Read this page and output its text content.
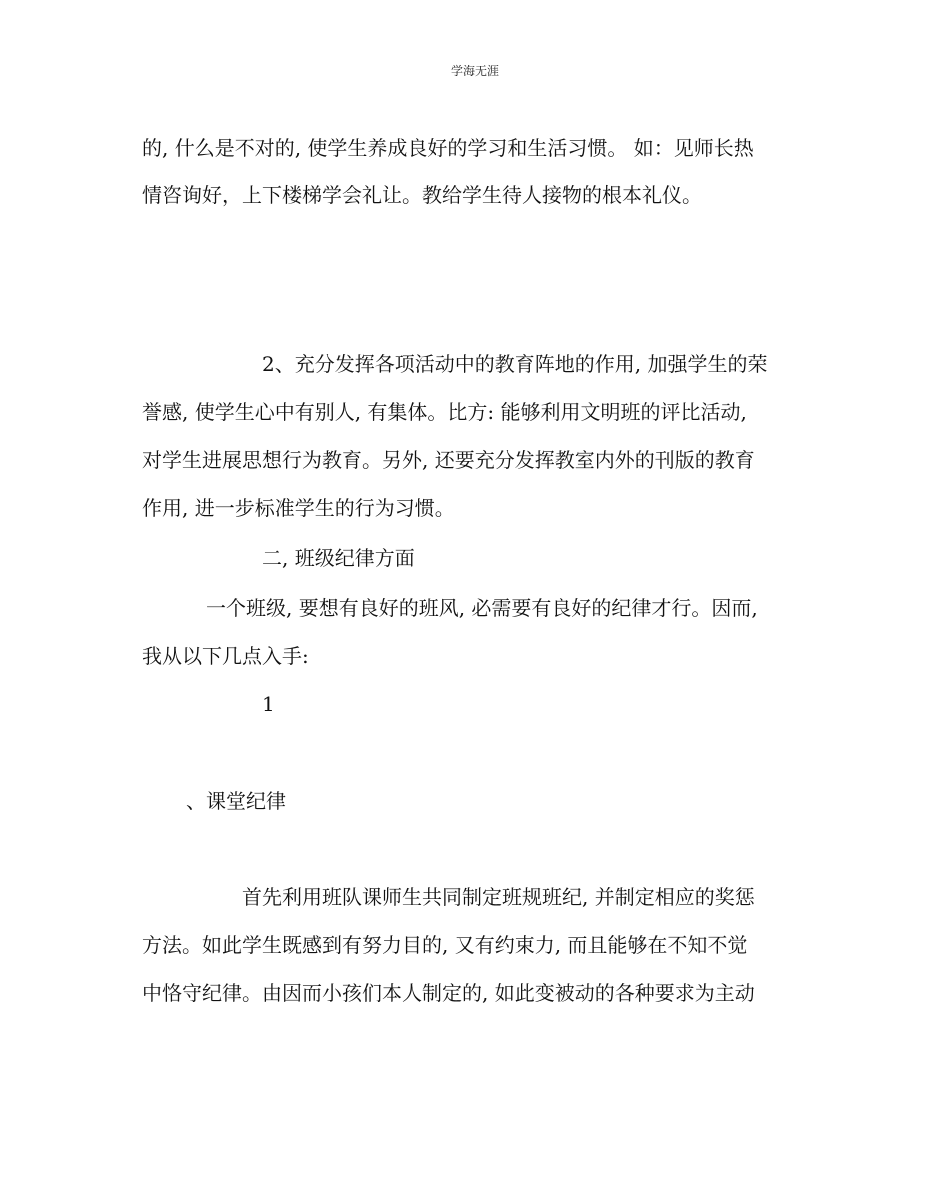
学海无涯
的, 什么是不对的, 使学生养成良好的学习和生活习惯。 如：见师长热
情咨询好，上下楼梯学会礼让。教给学生待人接物的根本礼仪。
2、充分发挥各项活动中的教育阵地的作用, 加强学生的荣
誉感, 使学生心中有别人, 有集体。比方: 能够利用文明班的评比活动,
对学生进展思想行为教育。另外, 还要充分发挥教室内外的刊版的教育
作用, 进一步标准学生的行为习惯。
二, 班级纪律方面
一个班级, 要想有良好的班风, 必需要有良好的纪律才行。因而,
我从以下几点入手:
1
、课堂纪律
首先利用班队课师生共同制定班规班纪, 并制定相应的奖惩
方法。如此学生既感到有努力目的, 又有约束力, 而且能够在不知不觉
中恪守纪律。由因而小孩们本人制定的, 如此变被动的各种要求为主动
